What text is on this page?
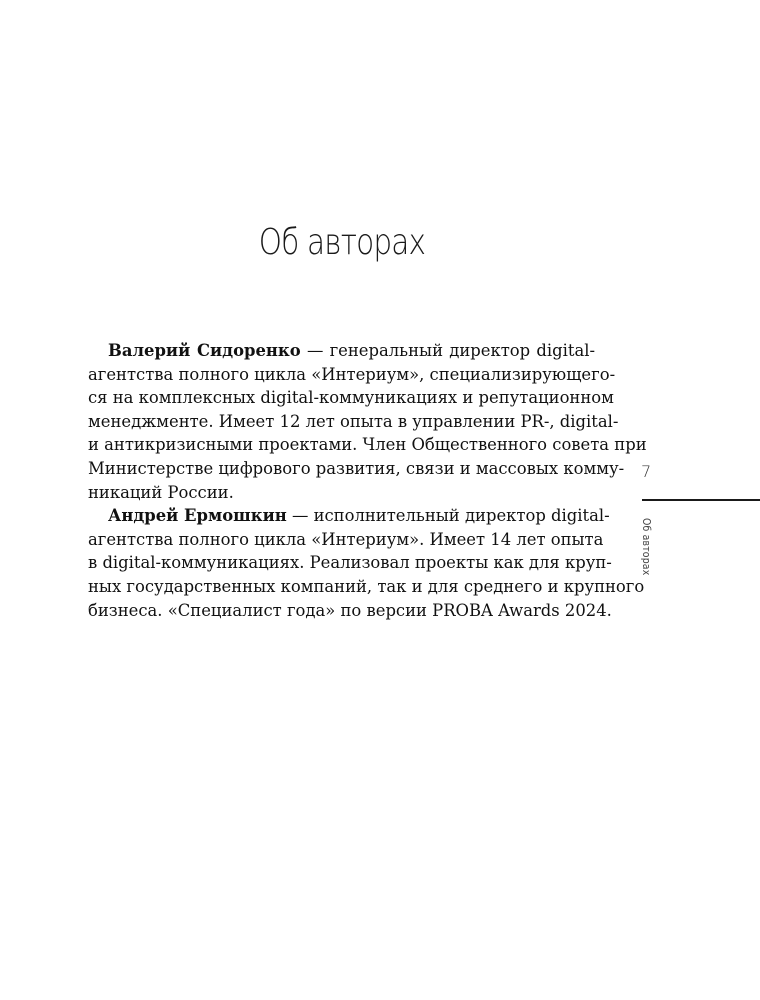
Об авторах
Валерий Сидоренко — генеральный директор digital-
агентства полного цикла «Интериум», специализирующего-
ся на комплексных digital-коммуникациях и репутационном
менеджменте. Имеет 12 лет опыта в управлении PR-, digital-
и антикризисными проектами. Член Общественного совета при
Министерстве цифрового развития, связи и массовых комму-
никаций России.
Андрей Ермошкин — исполнительный директор digital-
агентства полного цикла «Интериум». Имеет 14 лет опыта
в digital-коммуникациях. Реализовал проекты как для круп-
ных государственных компаний, так и для среднего и крупного
бизнеса. «Специалист года» по версии PROBA Awards 2024.
7
Об авторах
